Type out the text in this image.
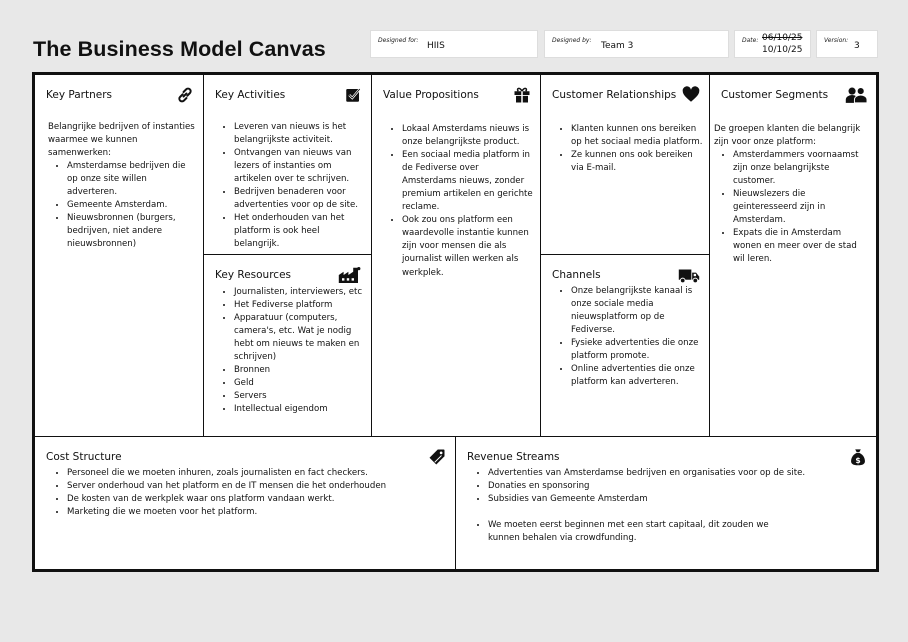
The Business Model Canvas	Designed for:
HIIS
Designed by:
Team 3
Date: 06/10/25
10/10/25
Version:
3
Key Partners

Belangrijke bedrijven of instanties waarmee we kunnen samenwerken:

• Amsterdamse bedrijven die op onze site willen adverteren.
• Gemeente Amsterdam.
• Nieuwsbronnen (burgers, bedrijven, niet andere nieuwsbronnen)
Key Activities
• Leveren van nieuws is het belangrijkste activiteit.
• Ontvangen van nieuws van lezers of instanties om artikelen over te schrijven.
• Bedrijven benaderen voor advertenties voor op de site.
• Het onderhouden van het platform is ook heel belangrijk.
Key Resources
• Journalisten, interviewers, etc
• Het Fediverse platform
• Apparatuur (computers, camera's, etc. Wat je nodig hebt om nieuws te maken en schrijven)
• Bronnen
• Geld
• Servers
• Intellectual eigendom
Value Propositions
• Lokaal Amsterdams nieuws is onze belangrijkste product.
• Een sociaal media platform in de Fediverse over Amsterdams nieuws, zonder premium artikelen en gerichte reclame.
• Ook zou ons platform een waardevolle instantie kunnen zijn voor mensen die als journalist willen werken als werkplek.
Customer Relationships
• Klanten kunnen ons bereiken op het sociaal media platform.
• Ze kunnen ons ook bereiken via E-mail.
Channels
• Onze belangrijkste kanaal is onze sociale media nieuwsplatform op de Fediverse.
• Fysieke advertenties die onze platform promote.
• Online advertenties die onze platform kan adverteren.
Customer Segments

De groepen klanten die belangrijk zijn voor onze platform:

• Amsterdammers voornaamst zijn onze belangrijkste customer.
• Nieuwslezers die geinteresseerd zijn in Amsterdam.
• Expats die in Amsterdam wonen en meer over de stad wil leren.
Cost Structure
• Personeel die we moeten inhuren, zoals journalisten en fact checkers.
• Server onderhoud van het platform en de IT mensen die het onderhouden
• De kosten van de werkplek waar ons platform vandaan werkt.
• Marketing die we moeten voor het platform.
Revenue Streams	$
• Advertenties van Amsterdamse bedrijven en organisaties voor op de site.
• Donaties en sponsoring
• Subsidies van Gemeente Amsterdam
• We moeten eerst beginnen met een start capitaal, dit zouden we kunnen behalen via crowdfunding.
